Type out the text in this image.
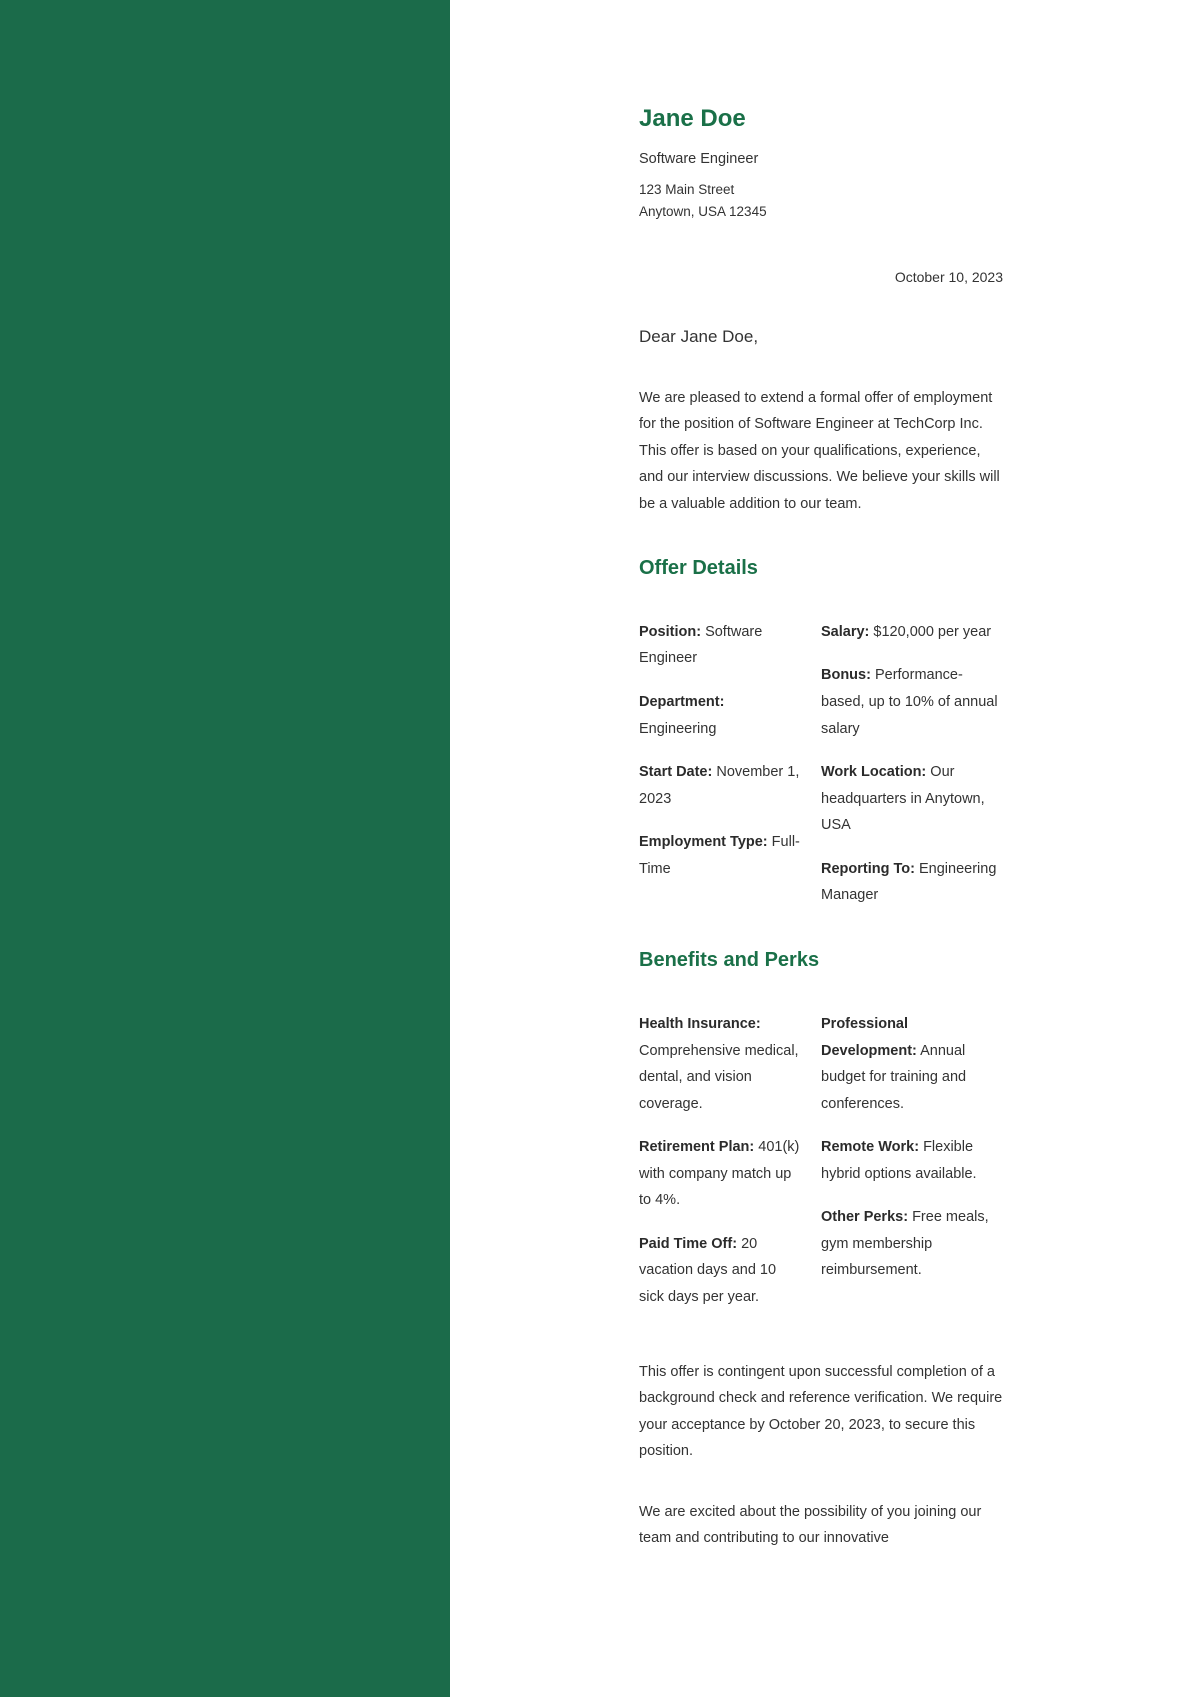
Jane Doe

Software Engineer

123 Main Street

Anytown, USA 12345

October 10, 2023

Dear Jane Doe,

We are pleased to extend a formal offer of employment for the position of Software Engineer at TechCorp Inc. This offer is based on your qualifications, experience, and our interview discussions. We believe your skills will be a valuable addition to our team.

Offer Details

Position: Software Engineer

Department: Engineering

Start Date: November 1, 2023

Employment Type: Full-Time

Salary: $120,000 per year

Bonus: Performance-based, up to 10% of annual salary

Work Location: Our headquarters in Anytown, USA

Reporting To: Engineering Manager

Benefits and Perks

Health Insurance: Comprehensive medical, dental, and vision coverage.

Retirement Plan: 401(k) with company match up to 4%.

Paid Time Off: 20 vacation days and 10 sick days per year.

Professional Development: Annual budget for training and conferences.

Remote Work: Flexible hybrid options available.

Other Perks: Free meals, gym membership reimbursement.

This offer is contingent upon successful completion of a background check and reference verification. We require your acceptance by October 20, 2023, to secure this position.

We are excited about the possibility of you joining our team and contributing to our innovative
